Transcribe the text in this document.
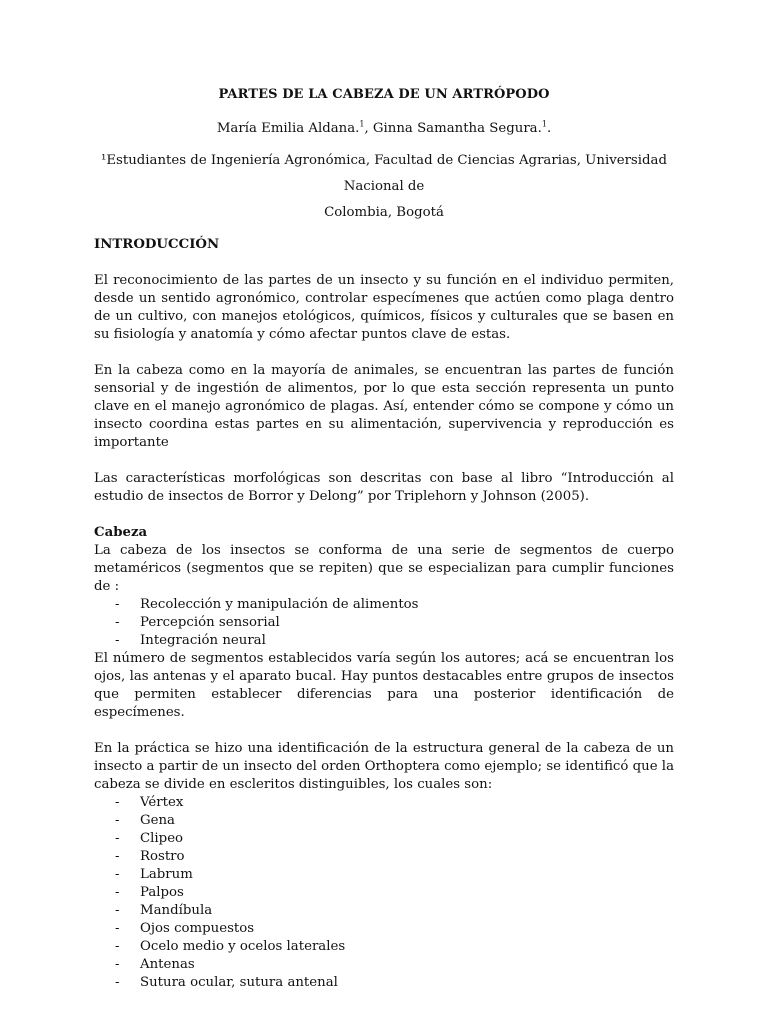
PARTES DE LA CABEZA DE UN ARTRÓPODO

María Emilia Aldana.$^1$, Ginna Samantha Segura.$^1$.

¹Estudiantes de Ingeniería Agronómica, Facultad de Ciencias Agrarias, Universidad Nacional de
Colombia, Bogotá

INTRODUCCIÓN

El reconocimiento de las partes de un insecto y su función en el individuo permiten, desde un sentido agronómico, controlar especímenes que actúen como plaga dentro de un cultivo, con manejos etológicos, químicos, físicos y culturales que se basen en su fisiología y anatomía y cómo afectar puntos clave de estas.

En la cabeza como en la mayoría de animales, se encuentran las partes de función sensorial y de ingestión de alimentos, por lo que esta sección representa un punto clave en el manejo agronómico de plagas. Así, entender cómo se compone y cómo un insecto coordina estas partes en su alimentación, supervivencia y reproducción es importante

Las características morfológicas son descritas con base al libro “Introducción al estudio de insectos de Borror y Delong” por Triplehorn y Johnson (2005).

Cabeza

La cabeza de los insectos se conforma de una serie de segmentos de cuerpo metaméricos (segmentos que se repiten) que se especializan para cumplir funciones de :

- Recolección y manipulación de alimentos
- Percepción sensorial
- Integración neural

El número de segmentos establecidos varía según los autores; acá se encuentran los ojos, las antenas y el aparato bucal. Hay puntos destacables entre grupos de insectos que permiten establecer diferencias para una posterior identificación de especímenes.

En la práctica se hizo una identificación de la estructura general de la cabeza de un insecto a partir de un insecto del orden Orthoptera como ejemplo; se identificó que la cabeza se divide en escleritos distinguibles, los cuales son:

- Vértex
- Gena
- Clipeo
- Rostro
- Labrum
- Palpos
- Mandíbula
- Ojos compuestos
- Ocelo medio y ocelos laterales
- Antenas
- Sutura ocular, sutura antenal
